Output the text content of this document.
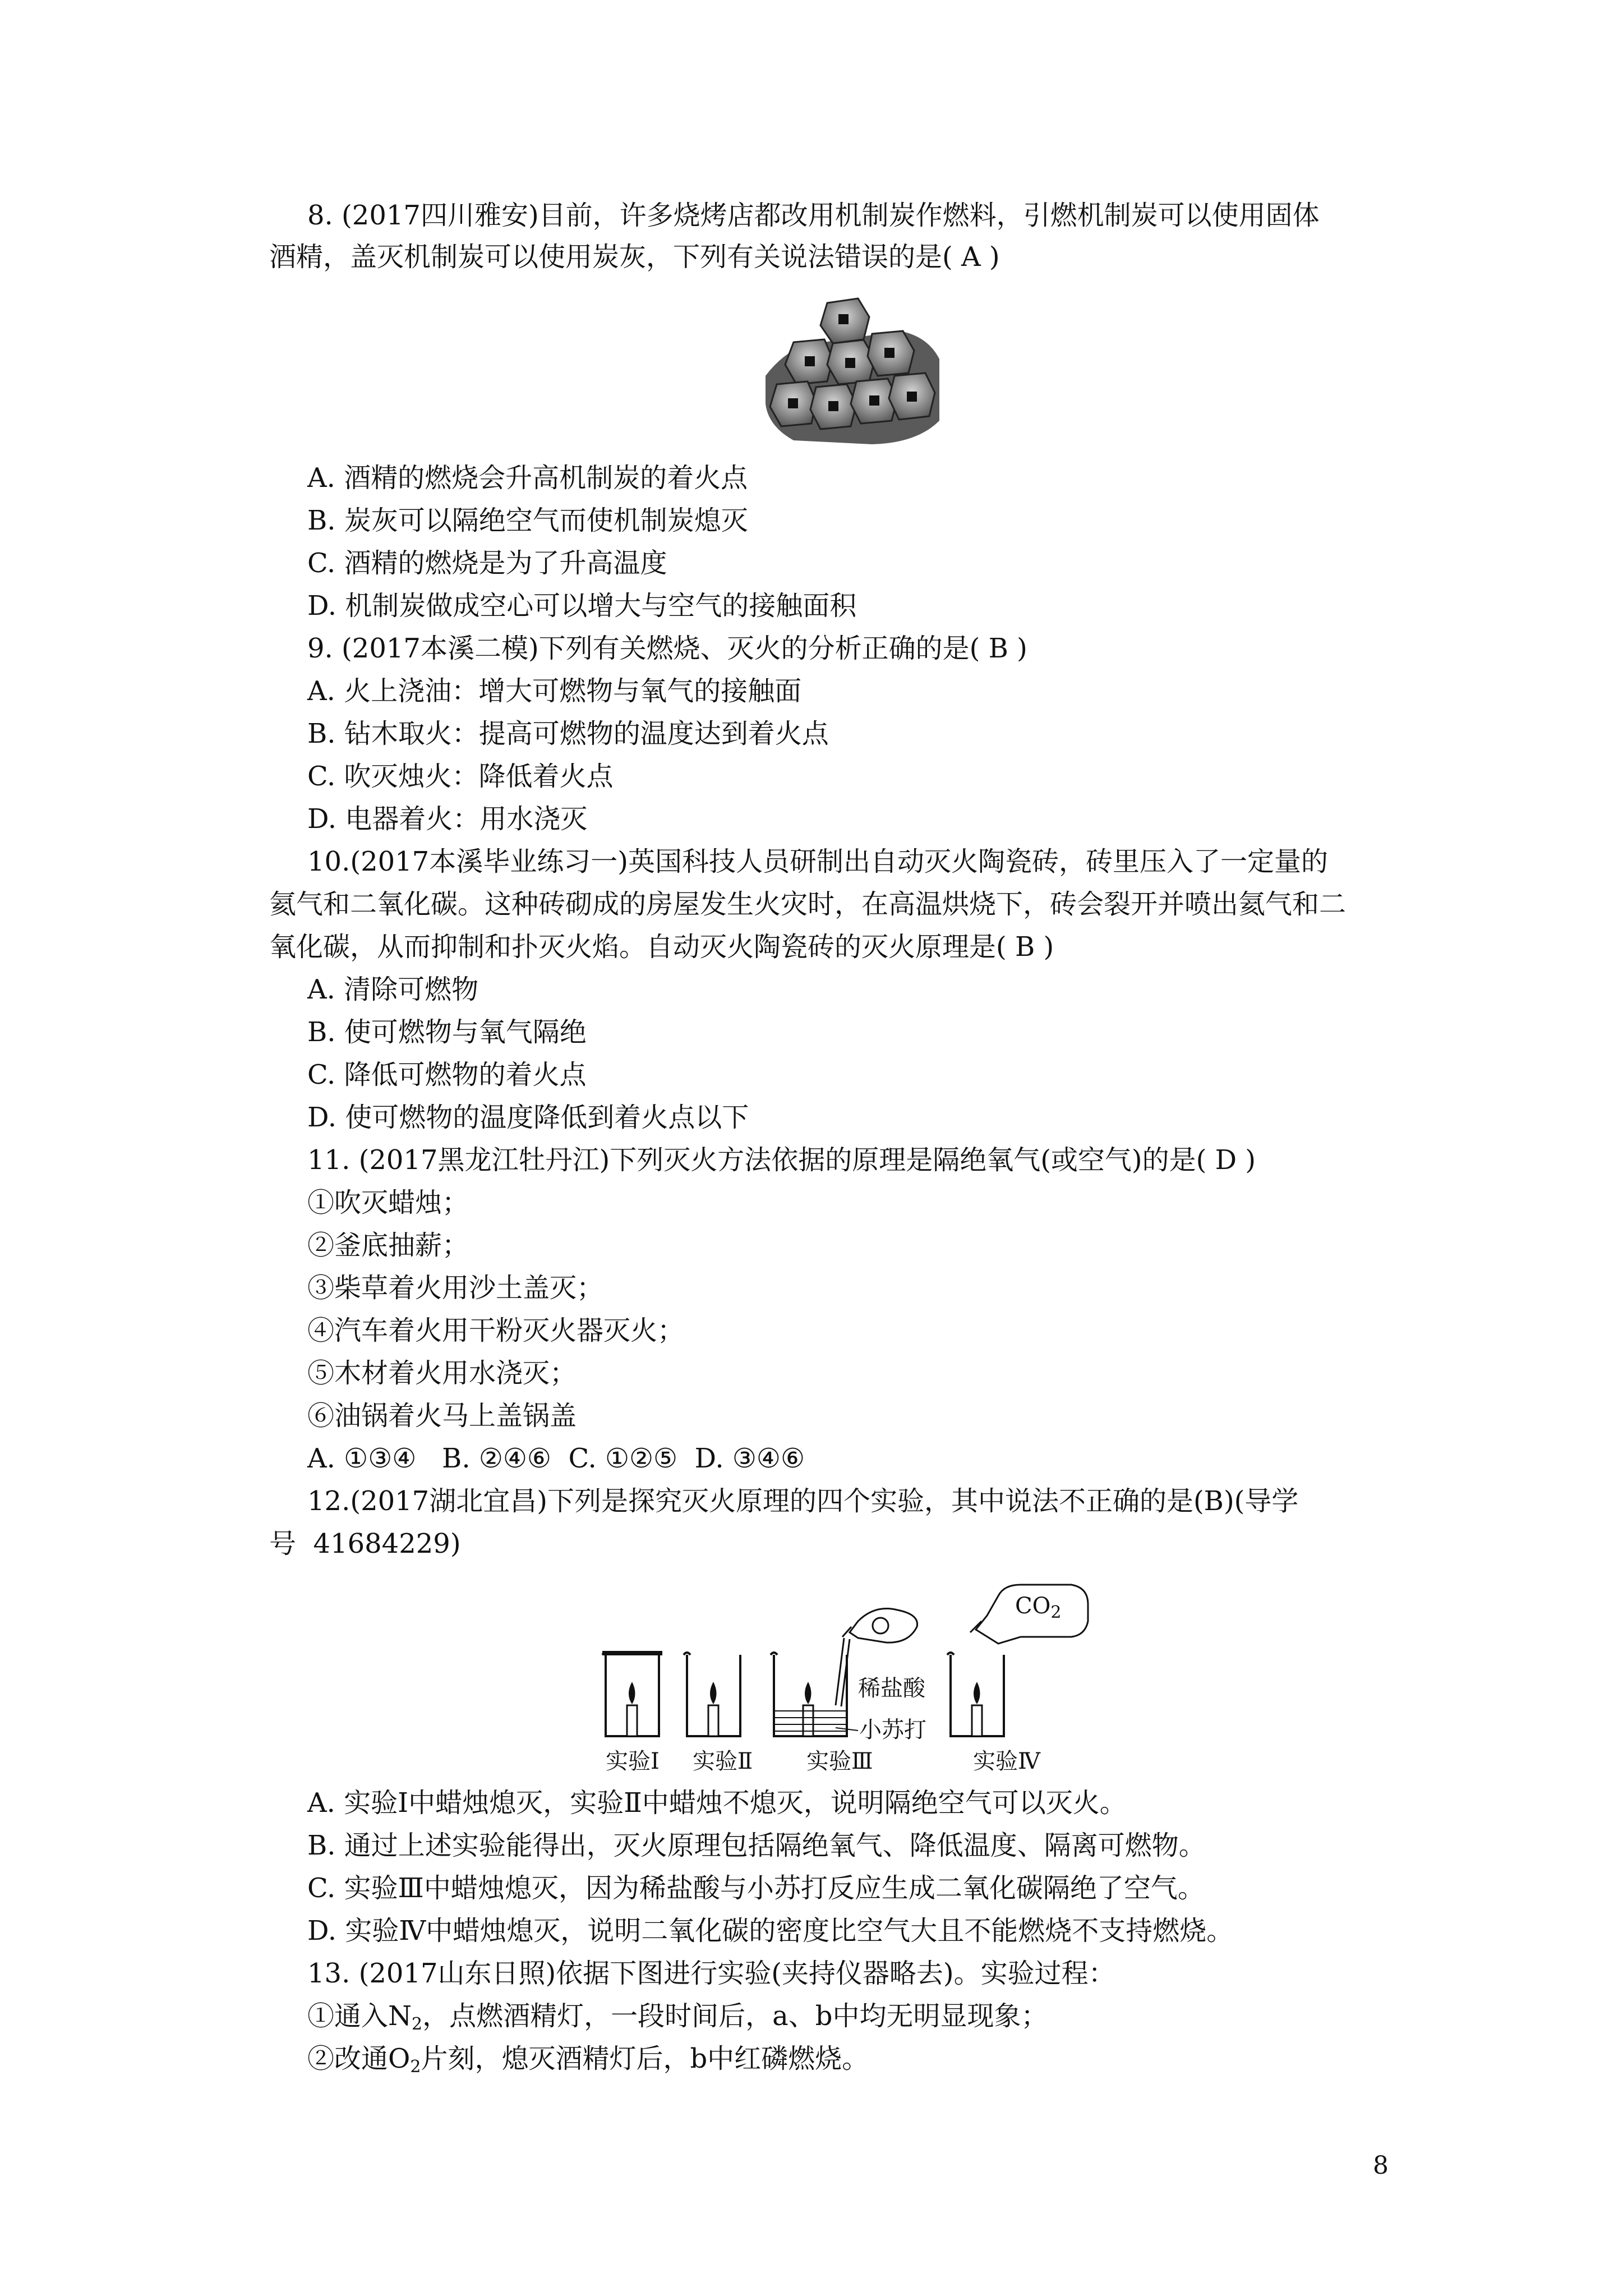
8. (2017四川雅安)目前，许多烧烤店都改用机制炭作燃料，引燃机制炭可以使用固体
酒精，盖灭机制炭可以使用炭灰，下列有关说法错误的是( A )
A. 酒精的燃烧会升高机制炭的着火点
B. 炭灰可以隔绝空气而使机制炭熄灭
C. 酒精的燃烧是为了升高温度
D. 机制炭做成空心可以增大与空气的接触面积
9. (2017本溪二模)下列有关燃烧、灭火的分析正确的是( B )
A. 火上浇油：增大可燃物与氧气的接触面
B. 钻木取火：提高可燃物的温度达到着火点
C. 吹灭烛火：降低着火点
D. 电器着火：用水浇灭
10.(2017本溪毕业练习一)英国科技人员研制出自动灭火陶瓷砖，砖里压入了一定量的
氦气和二氧化碳。这种砖砌成的房屋发生火灾时，在高温烘烧下，砖会裂开并喷出氦气和二
氧化碳，从而抑制和扑灭火焰。自动灭火陶瓷砖的灭火原理是( B )
A. 清除可燃物
B. 使可燃物与氧气隔绝
C. 降低可燃物的着火点
D. 使可燃物的温度降低到着火点以下
11. (2017黑龙江牡丹江)下列灭火方法依据的原理是隔绝氧气(或空气)的是( D )
①吹灭蜡烛；
②釜底抽薪；
③柴草着火用沙土盖灭；
④汽车着火用干粉灭火器灭火；
⑤木材着火用水浇灭；
⑥油锅着火马上盖锅盖
A. ①③④   B. ②④⑥  C. ①②⑤  D. ③④⑥
12.(2017湖北宜昌)下列是探究灭火原理的四个实验，其中说法不正确的是(B)(导学
号  41684229)
$CO_2$
稀盐酸
小苏打
实验Ⅰ 实验Ⅱ 实验Ⅲ	实验Ⅳ
A. 实验Ⅰ中蜡烛熄灭，实验Ⅱ中蜡烛不熄灭，说明隔绝空气可以灭火。
B. 通过上述实验能得出，灭火原理包括隔绝氧气、降低温度、隔离可燃物。
C. 实验Ⅲ中蜡烛熄灭，因为稀盐酸与小苏打反应生成二氧化碳隔绝了空气。
D. 实验Ⅳ中蜡烛熄灭，说明二氧化碳的密度比空气大且不能燃烧不支持燃烧。
13. (2017山东日照)依据下图进行实验(夹持仪器略去)。实验过程：
①通入$N_2$，点燃酒精灯，一段时间后，a、b中均无明显现象；
②改通$O_2$片刻，熄灭酒精灯后，b中红磷燃烧。
8
